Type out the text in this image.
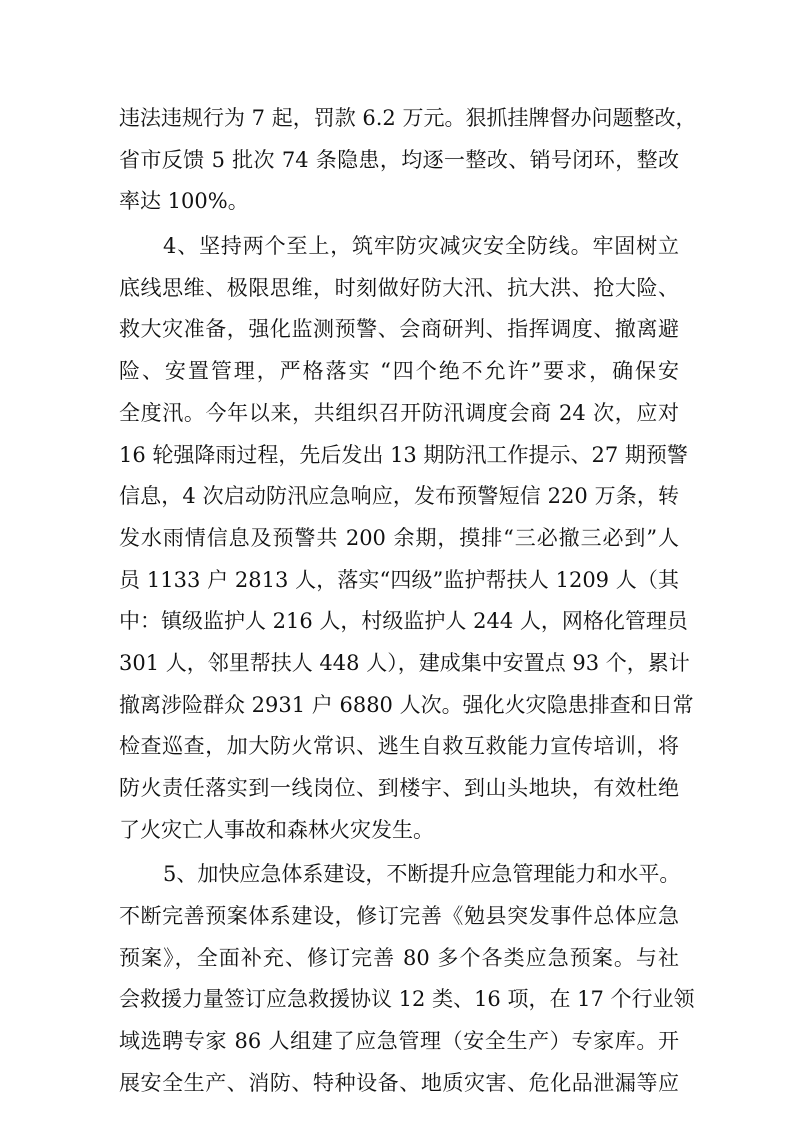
违法违规行为 7 起，罚款 6.2 万元。狠抓挂牌督办问题整改，
省市反馈 5 批次 74 条隐患，均逐一整改、销号闭环，整改
率达 100%。
4、坚持两个至上，筑牢防灾减灾安全防线。牢固树立
底线思维、极限思维，时刻做好防大汛、抗大洪、抢大险、
救大灾准备，强化监测预警、会商研判、指挥调度、撤离避
险、安置管理，严格落实 “四个绝不允许”要求，确保安
全度汛。今年以来，共组织召开防汛调度会商 24 次，应对
16 轮强降雨过程，先后发出 13 期防汛工作提示、27 期预警
信息，4 次启动防汛应急响应，发布预警短信 220 万条，转
发水雨情信息及预警共 200 余期，摸排“三必撤三必到”人
员 1133 户 2813 人，落实“四级”监护帮扶人 1209 人（其
中：镇级监护人 216 人，村级监护人 244 人，网格化管理员
301 人，邻里帮扶人 448 人），建成集中安置点 93 个，累计
撤离涉险群众 2931 户 6880 人次。强化火灾隐患排查和日常
检查巡查，加大防火常识、逃生自救互救能力宣传培训，将
防火责任落实到一线岗位、到楼宇、到山头地块，有效杜绝
了火灾亡人事故和森林火灾发生。
5、加快应急体系建设，不断提升应急管理能力和水平。
不断完善预案体系建设，修订完善《勉县突发事件总体应急
预案》，全面补充、修订完善 80 多个各类应急预案。与社
会救援力量签订应急救援协议 12 类、16 项，在 17 个行业领
域选聘专家 86 人组建了应急管理（安全生产）专家库。开
展安全生产、消防、特种设备、地质灾害、危化品泄漏等应
